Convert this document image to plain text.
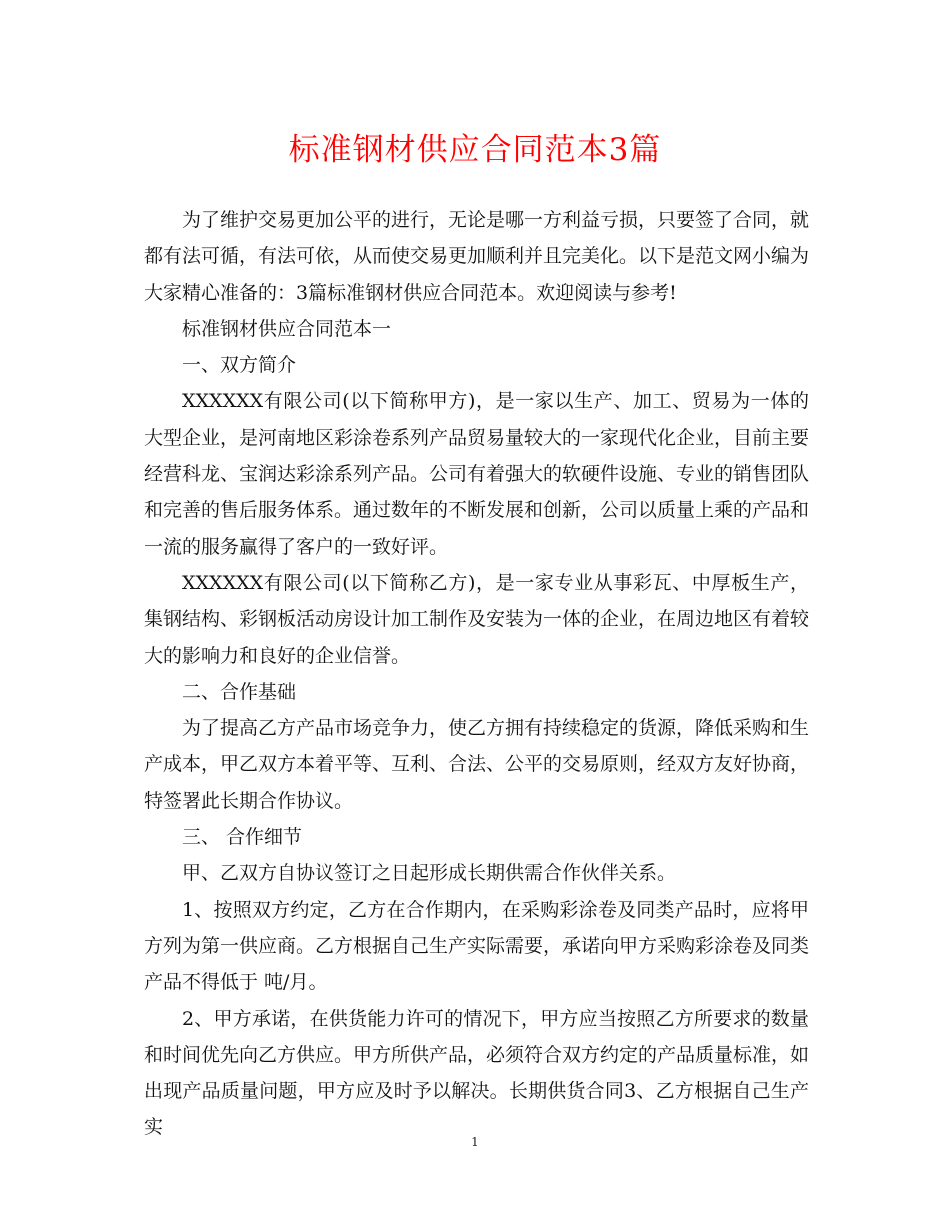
标准钢材供应合同范本3篇

为了维护交易更加公平的进行，无论是哪一方利益亏损，只要签了合同，就都有法可循，有法可依，从而使交易更加顺利并且完美化。以下是范文网小编为大家精心准备的：3篇标准钢材供应合同范本。欢迎阅读与参考!

标准钢材供应合同范本一

一、双方简介

XXXXXX有限公司(以下简称甲方)，是一家以生产、加工、贸易为一体的大型企业，是河南地区彩涂卷系列产品贸易量较大的一家现代化企业，目前主要经营科龙、宝润达彩涂系列产品。公司有着强大的软硬件设施、专业的销售团队和完善的售后服务体系。通过数年的不断发展和创新，公司以质量上乘的产品和一流的服务赢得了客户的一致好评。

XXXXXX有限公司(以下简称乙方)，是一家专业从事彩瓦、中厚板生产，集钢结构、彩钢板活动房设计加工制作及安装为一体的企业，在周边地区有着较大的影响力和良好的企业信誉。

二、合作基础

为了提高乙方产品市场竞争力，使乙方拥有持续稳定的货源，降低采购和生产成本，甲乙双方本着平等、互利、合法、公平的交易原则，经双方友好协商，特签署此长期合作协议。

三、 合作细节

甲、乙双方自协议签订之日起形成长期供需合作伙伴关系。

1、按照双方约定，乙方在合作期内，在采购彩涂卷及同类产品时，应将甲方列为第一供应商。乙方根据自己生产实际需要，承诺向甲方采购彩涂卷及同类产品不得低于 吨/月。

2、甲方承诺，在供货能力许可的情况下，甲方应当按照乙方所要求的数量和时间优先向乙方供应。甲方所供产品，必须符合双方约定的产品质量标准，如出现产品质量问题，甲方应及时予以解决。长期供货合同3、乙方根据自己生产实

1
